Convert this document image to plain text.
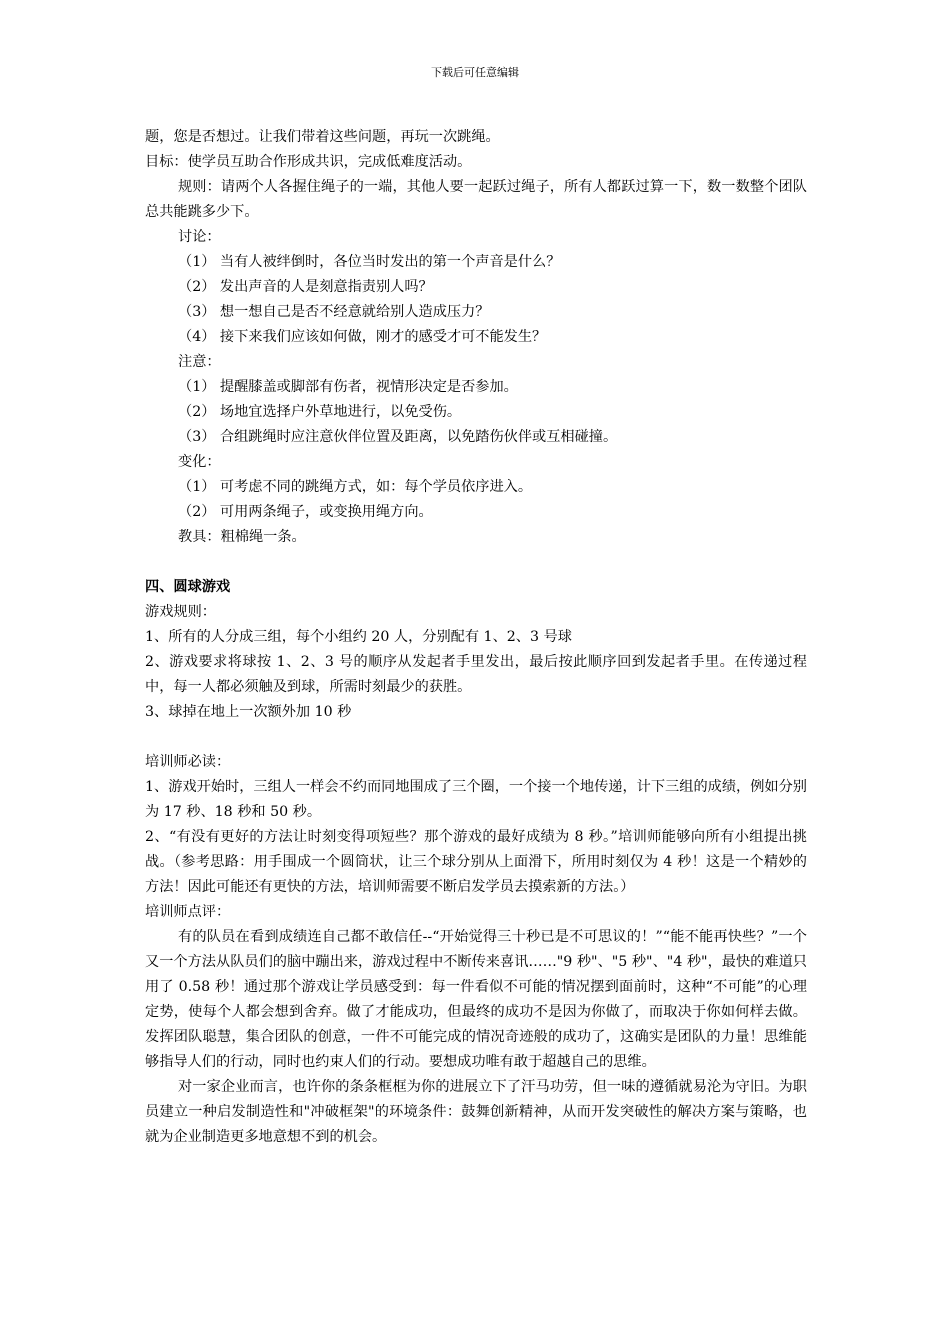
下载后可任意编辑

题，您是否想过。让我们带着这些问题，再玩一次跳绳。

目标：使学员互助合作形成共识，完成低难度活动。

规则：请两个人各握住绳子的一端，其他人要一起跃过绳子，所有人都跃过算一下，数一数整个团队总共能跳多少下。

讨论：

（1） 当有人被绊倒时，各位当时发出的第一个声音是什么？

（2） 发出声音的人是刻意指责别人吗？

（3） 想一想自己是否不经意就给别人造成压力？

（4） 接下来我们应该如何做，刚才的感受才可不能发生？

注意：

（1） 提醒膝盖或脚部有伤者，视情形决定是否参加。

（2） 场地宜选择户外草地进行，以免受伤。

（3） 合组跳绳时应注意伙伴位置及距离，以免踏伤伙伴或互相碰撞。

变化：

（1） 可考虑不同的跳绳方式，如：每个学员依序进入。

（2） 可用两条绳子，或变换用绳方向。

教具：粗棉绳一条。

四、圆球游戏

游戏规则：

1、所有的人分成三组，每个小组约 20 人，分别配有 1、2、3 号球

2、游戏要求将球按 1、2、3 号的顺序从发起者手里发出，最后按此顺序回到发起者手里。在传递过程中，每一人都必须触及到球，所需时刻最少的获胜。

3、球掉在地上一次额外加 10 秒

培训师必读：

1、游戏开始时，三组人一样会不约而同地围成了三个圈，一个接一个地传递，计下三组的成绩，例如分别为 17 秒、18 秒和 50 秒。

2、“有没有更好的方法让时刻变得项短些？那个游戏的最好成绩为 8 秒。”培训师能够向所有小组提出挑战。（参考思路：用手围成一个圆筒状，让三个球分别从上面滑下，所用时刻仅为 4 秒！这是一个精妙的方法！因此可能还有更快的方法，培训师需要不断启发学员去摸索新的方法。）

培训师点评：

有的队员在看到成绩连自己都不敢信任--“开始觉得三十秒已是不可思议的！”“能不能再快些？”一个又一个方法从队员们的脑中蹦出来，游戏过程中不断传来喜讯……"9 秒"、"5 秒"、"4 秒"，最快的难道只用了 0.58 秒！通过那个游戏让学员感受到：每一件看似不可能的情况摆到面前时，这种“不可能”的心理定势，使每个人都会想到舍弃。做了才能成功，但最终的成功不是因为你做了，而取决于你如何样去做。发挥团队聪慧，集合团队的创意，一件不可能完成的情况奇迹般的成功了，这确实是团队的力量！思维能够指导人们的行动，同时也约束人们的行动。要想成功唯有敢于超越自己的思维。

对一家企业而言，也许你的条条框框为你的进展立下了汗马功劳，但一味的遵循就易沦为守旧。为职员建立一种启发制造性和"冲破框架"的环境条件：鼓舞创新精神，从而开发突破性的解决方案与策略，也就为企业制造更多地意想不到的机会。
